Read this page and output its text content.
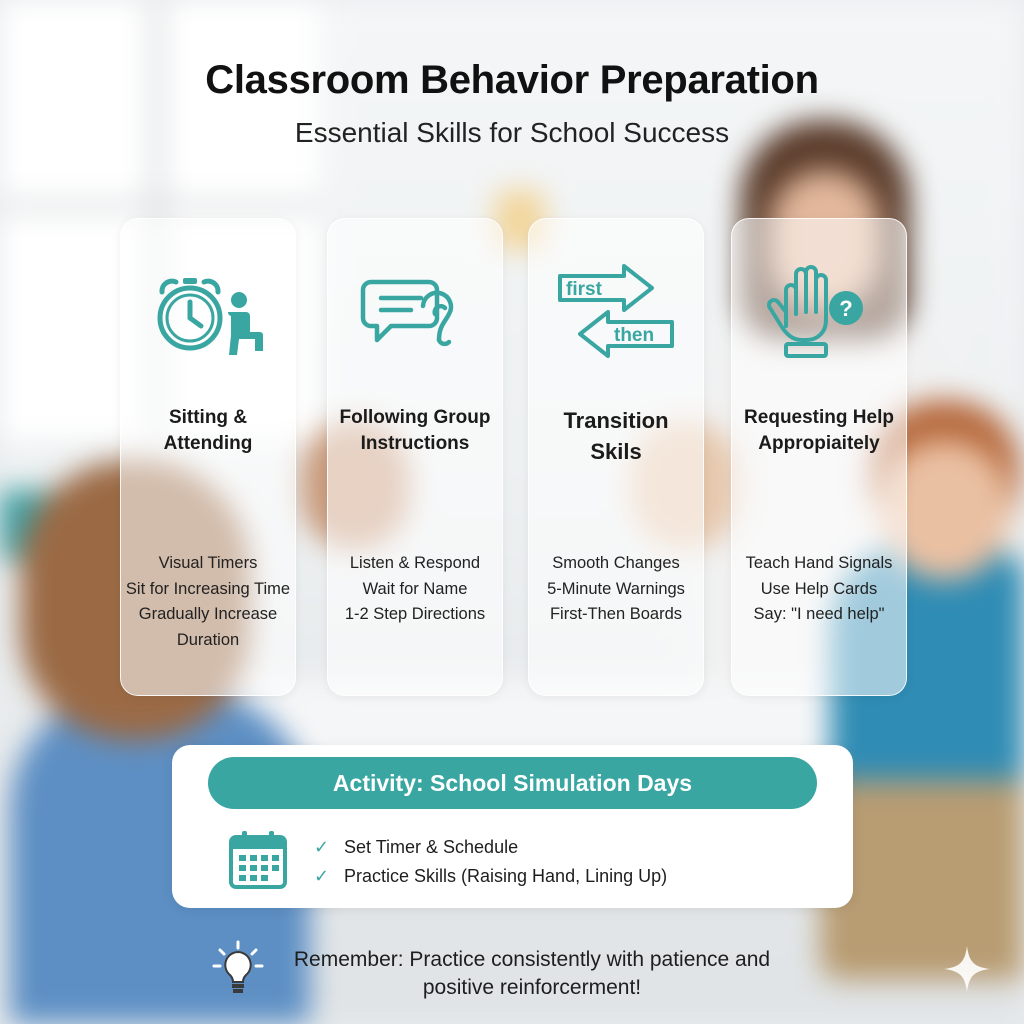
Classroom Behavior Preparation
Essential Skills for School Success
Sitting &
Attending
Visual Timers
Sit for Increasing Time
Gradually Increase
Duration
Following Group
Instructions
Listen & Respond
Wait for Name
1-2 Step Directions
first
then
Transition
Skils
Smooth Changes
5-Minute Warnings
First-Then Boards
?
Requesting Help
Appropiaitely
Teach Hand Signals
Use Help Cards
Say: "I need help"
Activity: School Simulation Days
✓ Set Timer & Schedule
✓ Practice Skills (Raising Hand, Lining Up)
Remember: Practice consistently with patience and
positive reinforcerment!
